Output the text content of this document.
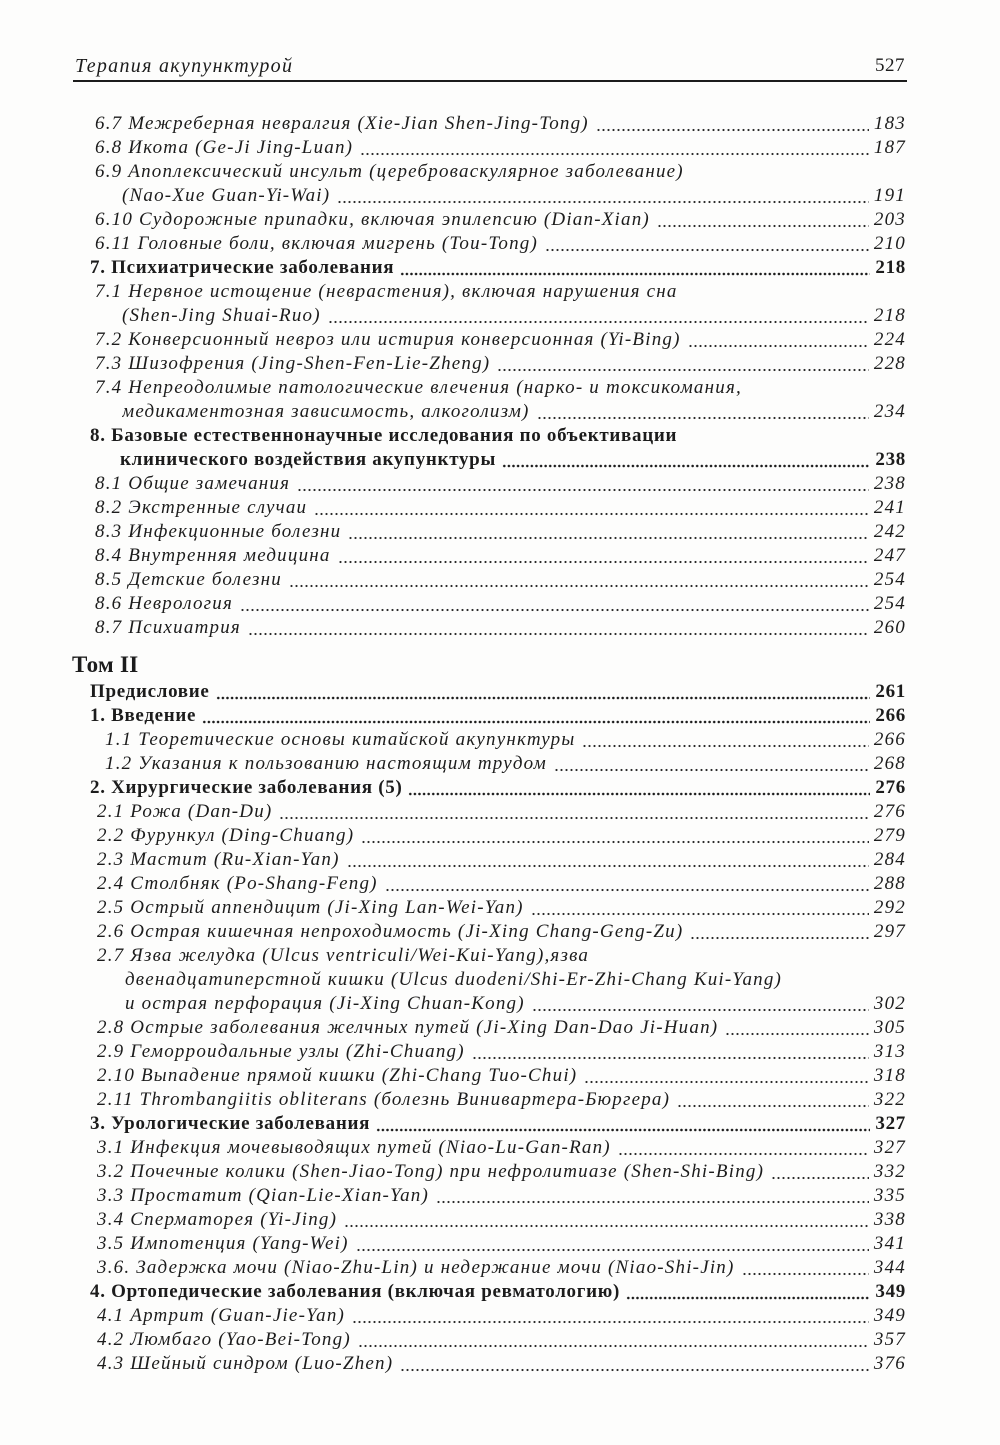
Терапия акупунктурой	527
6.7 Межреберная невралгия (Xie-Jian Shen-Jing-Tong)	183
6.8 Икота (Ge-Ji Jing-Luan)	187
6.9 Апоплексический инсульт (цереброваскулярное заболевание)
(Nao-Xue Guan-Yi-Wai)	191
6.10 Судорожные припадки, включая эпилепсию (Dian-Xian)	203
6.11 Головные боли, включая мигрень (Tou-Tong)	210
7. Психиатрические заболевания	218
7.1 Нервное истощение (неврастения), включая нарушения сна
(Shen-Jing Shuai-Ruo)	218
7.2 Конверсионный невроз или истирия конверсионная (Yi-Bing)	224
7.3 Шизофрения (Jing-Shen-Fen-Lie-Zheng)	228
7.4 Непреодолимые патологические влечения (нарко- и токсикомания,
медикаментозная зависимость, алкоголизм)	234
8. Базовые естественнонаучные исследования по объективации
клинического воздействия акупунктуры	238
8.1 Общие замечания	238
8.2 Экстренные случаи	241
8.3 Инфекционные болезни	242
8.4 Внутренняя медицина	247
8.5 Детские болезни	254
8.6 Неврология	254
8.7 Психиатрия	260
Том II
Предисловие	261
1. Введение	266
1.1 Теоретические основы китайской акупунктуры	266
1.2 Указания к пользованию настоящим трудом	268
2. Хирургические заболевания (5)	276
2.1 Рожа (Dan-Du)	276
2.2 Фурункул (Ding-Chuang)	279
2.3 Мастит (Ru-Xian-Yan)	284
2.4 Столбняк (Po-Shang-Feng)	288
2.5 Острый аппендицит (Ji-Xing Lan-Wei-Yan)	292
2.6 Острая кишечная непроходимость (Ji-Xing Chang-Geng-Zu)	297
2.7 Язва желудка (Ulcus ventriculi/Wei-Kui-Yang),язва
двенадцатиперстной кишки (Ulcus duodeni/Shi-Er-Zhi-Chang Kui-Yang)
и острая перфорация (Ji-Xing Chuan-Kong)	302
2.8 Острые заболевания желчных путей (Ji-Xing Dan-Dao Ji-Huan)	305
2.9 Геморроидальные узлы (Zhi-Chuang)	313
2.10 Выпадение прямой кишки (Zhi-Chang Tuo-Chui)	318
2.11 Thrombangiitis obliterans (болезнь Винивартера-Бюргера)	322
3. Урологические заболевания	327
3.1 Инфекция мочевыводящих путей (Niao-Lu-Gan-Ran)	327
3.2 Почечные колики (Shen-Jiao-Tong) при нефролитиазе (Shen-Shi-Bing)	332
3.3 Простатит (Qian-Lie-Xian-Yan)	335
3.4 Сперматорея (Yi-Jing)	338
3.5 Импотенция (Yang-Wei)	341
3.6. Задержка мочи (Niao-Zhu-Lin) и недержание мочи (Niao-Shi-Jin)	344
4. Ортопедические заболевания (включая ревматологию)	349
4.1 Артрит (Guan-Jie-Yan)	349
4.2 Люмбаго (Yao-Bei-Tong)	357
4.3 Шейный синдром (Luo-Zhen)	376
